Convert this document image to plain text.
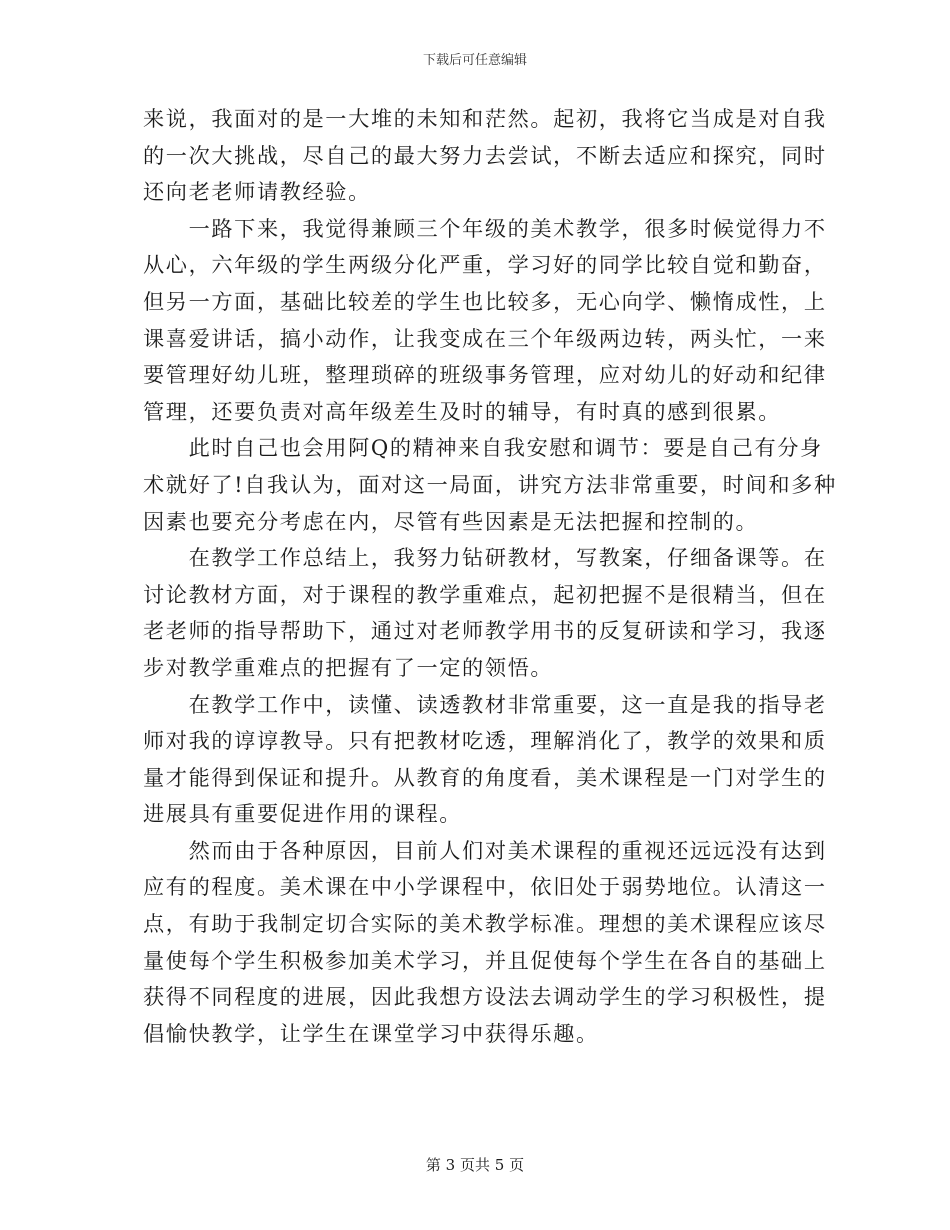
下载后可任意编辑
来说，我面对的是一大堆的未知和茫然。起初，我将它当成是对自我
的一次大挑战，尽自己的最大努力去尝试，不断去适应和探究，同时
还向老老师请教经验。
　　一路下来，我觉得兼顾三个年级的美术教学，很多时候觉得力不
从心，六年级的学生两级分化严重，学习好的同学比较自觉和勤奋，
但另一方面，基础比较差的学生也比较多，无心向学、懒惰成性，上
课喜爱讲话，搞小动作，让我变成在三个年级两边转，两头忙，一来
要管理好幼儿班，整理琐碎的班级事务管理，应对幼儿的好动和纪律
管理，还要负责对高年级差生及时的辅导，有时真的感到很累。
　　此时自己也会用阿Q的精神来自我安慰和调节：要是自己有分身
术就好了!自我认为，面对这一局面，讲究方法非常重要，时间和多种
因素也要充分考虑在内，尽管有些因素是无法把握和控制的。
　　在教学工作总结上，我努力钻研教材，写教案，仔细备课等。在
讨论教材方面，对于课程的教学重难点，起初把握不是很精当，但在
老老师的指导帮助下，通过对老师教学用书的反复研读和学习，我逐
步对教学重难点的把握有了一定的领悟。
　　在教学工作中，读懂、读透教材非常重要，这一直是我的指导老
师对我的谆谆教导。只有把教材吃透，理解消化了，教学的效果和质
量才能得到保证和提升。从教育的角度看，美术课程是一门对学生的
进展具有重要促进作用的课程。
　　然而由于各种原因，目前人们对美术课程的重视还远远没有达到
应有的程度。美术课在中小学课程中，依旧处于弱势地位。认清这一
点，有助于我制定切合实际的美术教学标准。理想的美术课程应该尽
量使每个学生积极参加美术学习，并且促使每个学生在各自的基础上
获得不同程度的进展，因此我想方设法去调动学生的学习积极性，提
倡愉快教学，让学生在课堂学习中获得乐趣。
第 3 页共 5 页
